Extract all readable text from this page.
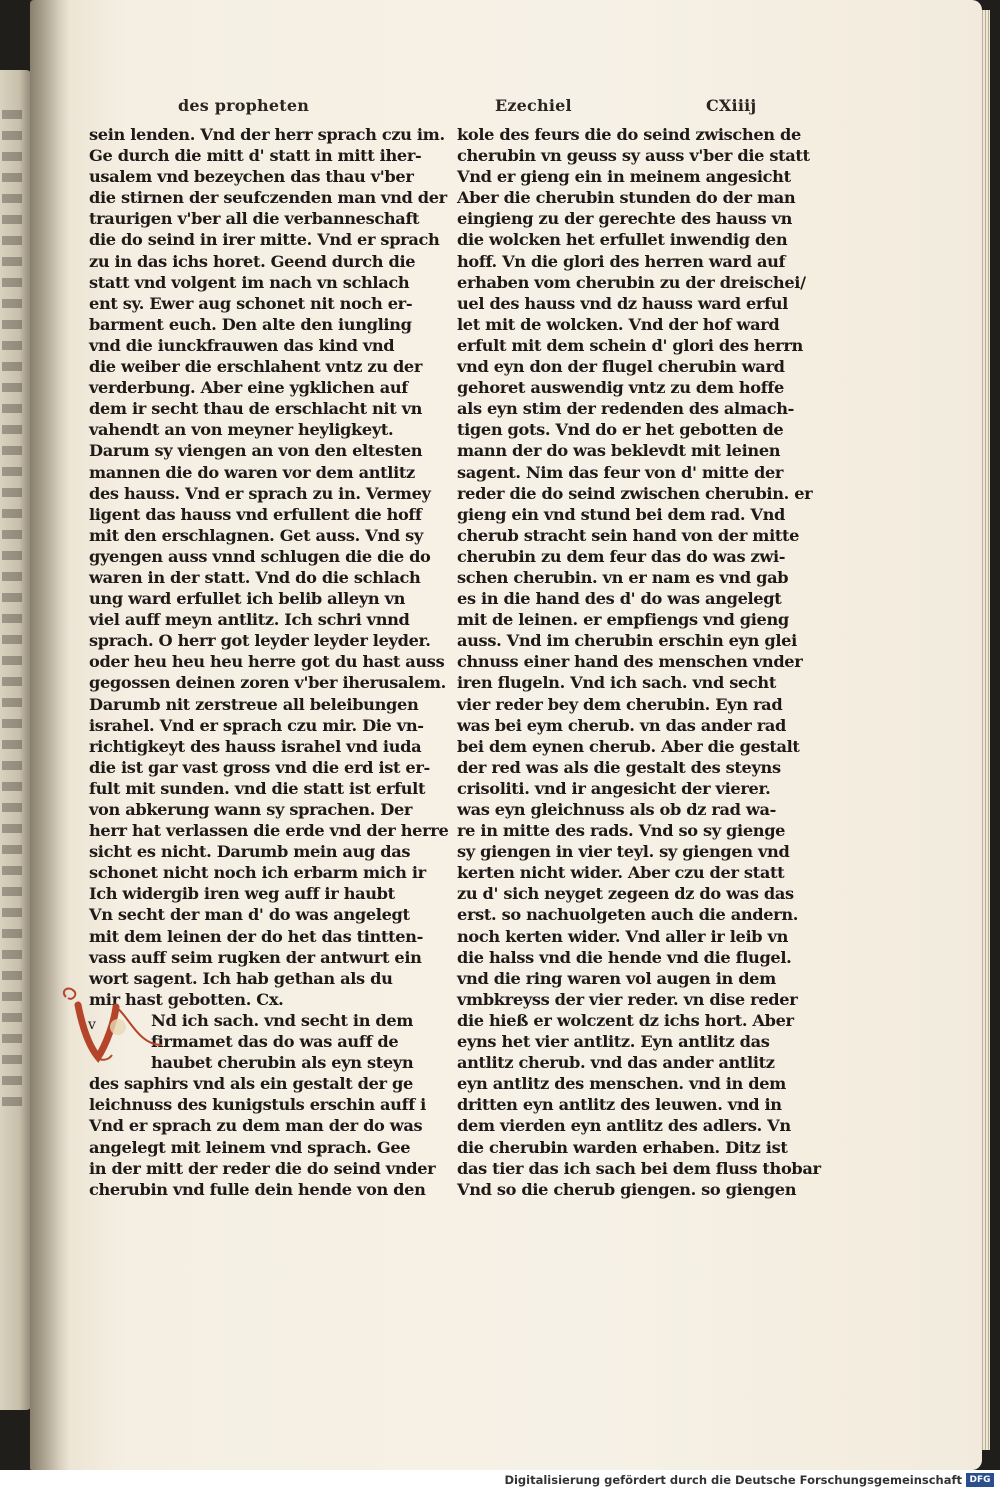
des propheten	Ezechiel	CXiiij
sein lenden. Vnd der herr sprach czu im.
Ge durch die mitt d' statt in mitt iher-
usalem vnd bezeychen das thau v'ber
die stirnen der seufczenden man vnd der
traurigen v'ber all die verbanneschaft
die do seind in irer mitte. Vnd er sprach
zu in das ichs horet. Geend durch die
statt vnd volgent im nach vn schlach
ent sy. Ewer aug schonet nit noch er-
barment euch. Den alte den iungling
vnd die iunckfrauwen das kind vnd
die weiber die erschlahent vntz zu der
verderbung. Aber eine ygklichen auf
dem ir secht thau de erschlacht nit vn
vahendt an von meyner heyligkeyt.
Darum sy viengen an von den eltesten
mannen die do waren vor dem antlitz
des hauss. Vnd er sprach zu in. Vermey
ligent das hauss vnd erfullent die hoff
mit den erschlagnen. Get auss. Vnd sy
gyengen auss vnnd schlugen die die do
waren in der statt. Vnd do die schlach
ung ward erfullet ich belib alleyn vn
viel auff meyn antlitz. Ich schri vnnd
sprach. O herr got leyder leyder leyder.
oder heu heu heu herre got du hast auss
gegossen deinen zoren v'ber iherusalem.
Darumb nit zerstreue all beleibungen
israhel. Vnd er sprach czu mir. Die vn-
richtigkeyt des hauss israhel vnd iuda
die ist gar vast gross vnd die erd ist er-
fult mit sunden. vnd die statt ist erfult
von abkerung wann sy sprachen. Der
herr hat verlassen die erde vnd der herre
sicht es nicht. Darumb mein aug das
schonet nicht noch ich erbarm mich ir
Ich widergib iren weg auff ir haubt
Vn secht der man d' do was angelegt
mit dem leinen der do het das tintten-
vass auff seim rugken der antwurt ein
wort sagent. Ich hab gethan als du
mir hast gebotten. Cx.
Nd ich sach. vnd secht in dem
firmamet das do was auff de
haubet cherubin als eyn steyn
des saphirs vnd als ein gestalt der ge
leichnuss des kunigstuls erschin auff i
Vnd er sprach zu dem man der do was
angelegt mit leinem vnd sprach. Gee
in der mitt der reder die do seind vnder
cherubin vnd fulle dein hende von den
kole des feurs die do seind zwischen de
cherubin vn geuss sy auss v'ber die statt
Vnd er gieng ein in meinem angesicht
Aber die cherubin stunden do der man
eingieng zu der gerechte des hauss vn
die wolcken het erfullet inwendig den
hoff. Vn die glori des herren ward auf
erhaben vom cherubin zu der dreischei/
uel des hauss vnd dz hauss ward erful
let mit de wolcken. Vnd der hof ward
erfult mit dem schein d' glori des herrn
vnd eyn don der flugel cherubin ward
gehoret auswendig vntz zu dem hoffe
als eyn stim der redenden des almach-
tigen gots. Vnd do er het gebotten de
mann der do was beklevdt mit leinen
sagent. Nim das feur von d' mitte der
reder die do seind zwischen cherubin. er
gieng ein vnd stund bei dem rad. Vnd
cherub stracht sein hand von der mitte
cherubin zu dem feur das do was zwi-
schen cherubin. vn er nam es vnd gab
es in die hand des d' do was angelegt
mit de leinen. er empfiengs vnd gieng
auss. Vnd im cherubin erschin eyn glei
chnuss einer hand des menschen vnder
iren flugeln. Vnd ich sach. vnd secht
vier reder bey dem cherubin. Eyn rad
was bei eym cherub. vn das ander rad
bei dem eynen cherub. Aber die gestalt
der red was als die gestalt des steyns
crisoliti. vnd ir angesicht der vierer.
was eyn gleichnuss als ob dz rad wa-
re in mitte des rads. Vnd so sy gienge
sy giengen in vier teyl. sy giengen vnd
kerten nicht wider. Aber czu der statt
zu d' sich neyget zegeen dz do was das
erst. so nachuolgeten auch die andern.
noch kerten wider. Vnd aller ir leib vn
die halss vnd die hende vnd die flugel.
vnd die ring waren vol augen in dem
vmbkreyss der vier reder. vn dise reder
die hieß er wolczent dz ichs hort. Aber
eyns het vier antlitz. Eyn antlitz das
antlitz cherub. vnd das ander antlitz
eyn antlitz des menschen. vnd in dem
dritten eyn antlitz des leuwen. vnd in
dem vierden eyn antlitz des adlers. Vn
die cherubin warden erhaben. Ditz ist
das tier das ich sach bei dem fluss thobar
Vnd so die cherub giengen. so giengen
v
Digitalisierung gefördert durch die Deutsche Forschungsgemeinschaft DFG
